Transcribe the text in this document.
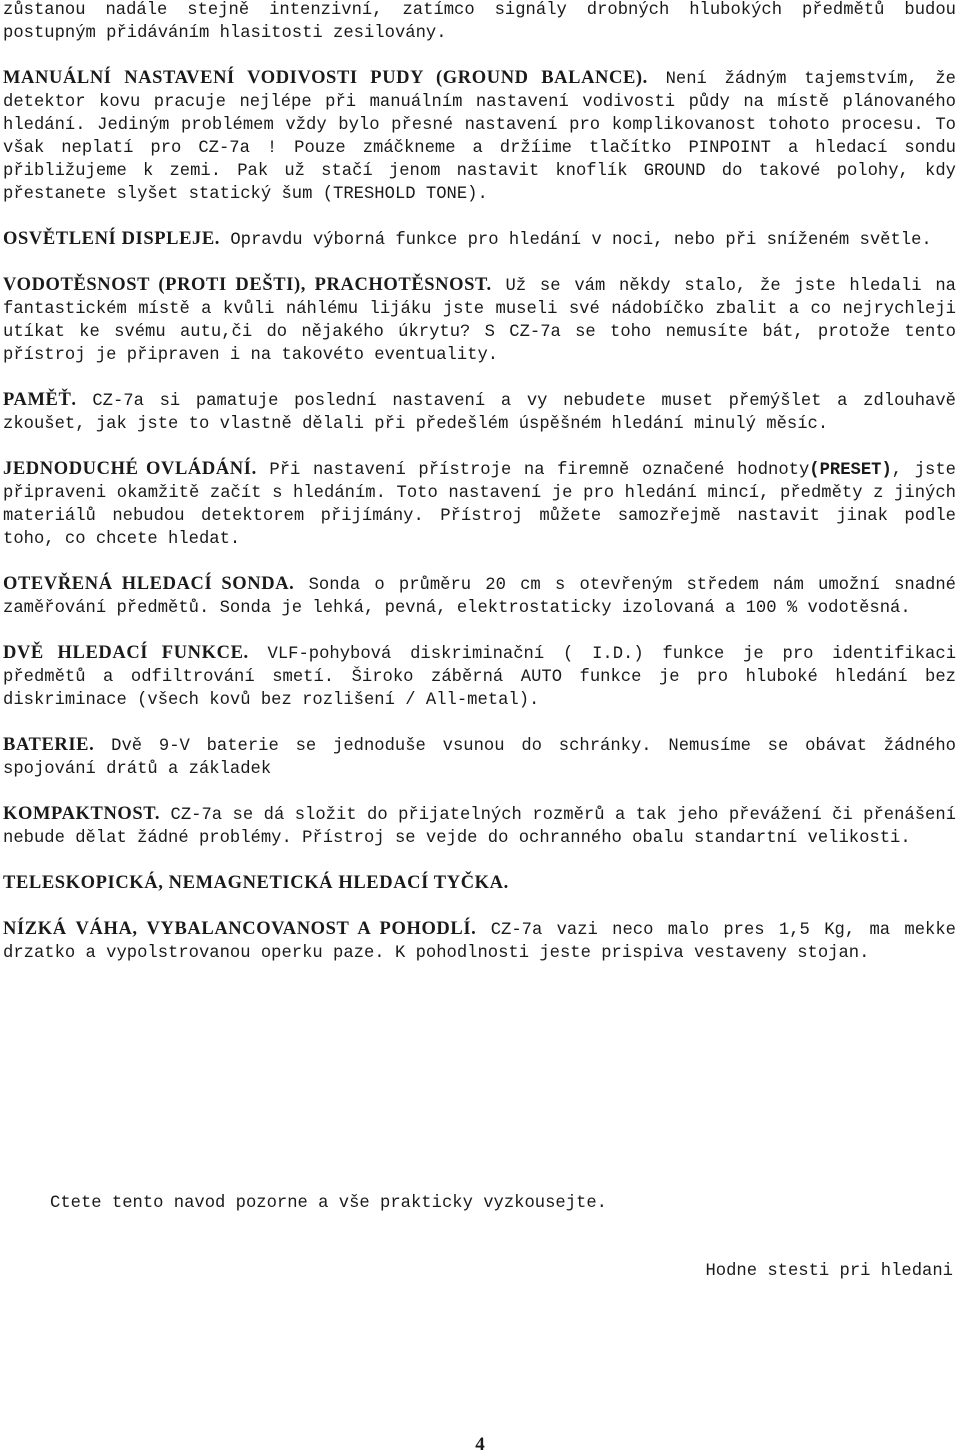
zůstanou nadále stejně intenzivní, zatímco signály drobných hlubokých předmětů budou postupným přidáváním hlasitosti zesilovány.

MANUÁLNÍ NASTAVENÍ VODIVOSTI PUDY (GROUND BALANCE). Není žádným tajemstvím, že detektor kovu pracuje nejlépe při manuálním nastavení vodivosti půdy na místě plánovaného hledání. Jediným problémem vždy bylo přesné nastavení pro komplikovanost tohoto procesu. To však neplatí pro CZ-7a ! Pouze zmáčkneme a držíime tlačítko PINPOINT a hledací sondu přibližujeme k zemi. Pak už stačí jenom nastavit knoflík GROUND do takové polohy, kdy přestanete slyšet statický šum (TRESHOLD TONE).

OSVĚTLENÍ DISPLEJE. Opravdu výborná funkce pro hledání v noci, nebo při sníženém světle.

VODOTĚSNOST (PROTI DEŠTI), PRACHOTĚSNOST. Už se vám někdy stalo, že jste hledali na fantastickém místě a kvůli náhlému lijáku jste museli své nádobíčko zbalit a co nejrychleji utíkat ke svému autu,či do nějakého úkrytu? S CZ-7a se toho nemusíte bát, protože tento přístroj je připraven i na takovéto eventuality.

PAMĚŤ. CZ-7a si pamatuje poslední nastavení a vy nebudete muset přemýšlet a zdlouhavě zkoušet, jak jste to vlastně dělali při předešlém úspěšném hledání minulý měsíc.

JEDNODUCHÉ OVLÁDÁNÍ. Při nastavení přístroje na firemně označené hodnoty(PRESET), jste připraveni okamžitě začít s hledáním. Toto nastavení je pro hledání mincí, předměty z jiných materiálů nebudou detektorem přijímány. Přístroj můžete samozřejmě nastavit jinak podle toho, co chcete hledat.

OTEVŘENÁ HLEDACÍ SONDA. Sonda o průměru 20 cm s otevřeným středem nám umožní snadné zaměřování předmětů. Sonda je lehká, pevná, elektrostaticky izolovaná a 100 % vodotěsná.

DVĚ HLEDACÍ FUNKCE. VLF-pohybová diskriminační ( I.D.) funkce je pro identifikaci předmětů a odfiltrování smetí. Široko záběrná AUTO funkce je pro hluboké hledání bez diskriminace (všech kovů bez rozlišení / All-metal).

BATERIE. Dvě 9-V baterie se jednoduše vsunou do schránky. Nemusíme se obávat žádného spojování drátů a základek

KOMPAKTNOST. CZ-7a se dá složit do přijatelných rozměrů a tak jeho převážení či přenášení nebude dělat žádné problémy. Přístroj se vejde do ochranného obalu standartní velikosti.

TELESKOPICKÁ, NEMAGNETICKÁ HLEDACÍ TYČKA.

NÍZKÁ VÁHA, VYBALANCOVANOST A POHODLÍ. CZ-7a vazi neco malo pres 1,5 Kg, ma mekke drzatko a vypolstrovanou operku paze. K pohodlnosti jeste prispiva vestaveny stojan.

Ctete tento navod pozorne a vše prakticky vyzkousejte.
Hodne stesti pri hledani
4
